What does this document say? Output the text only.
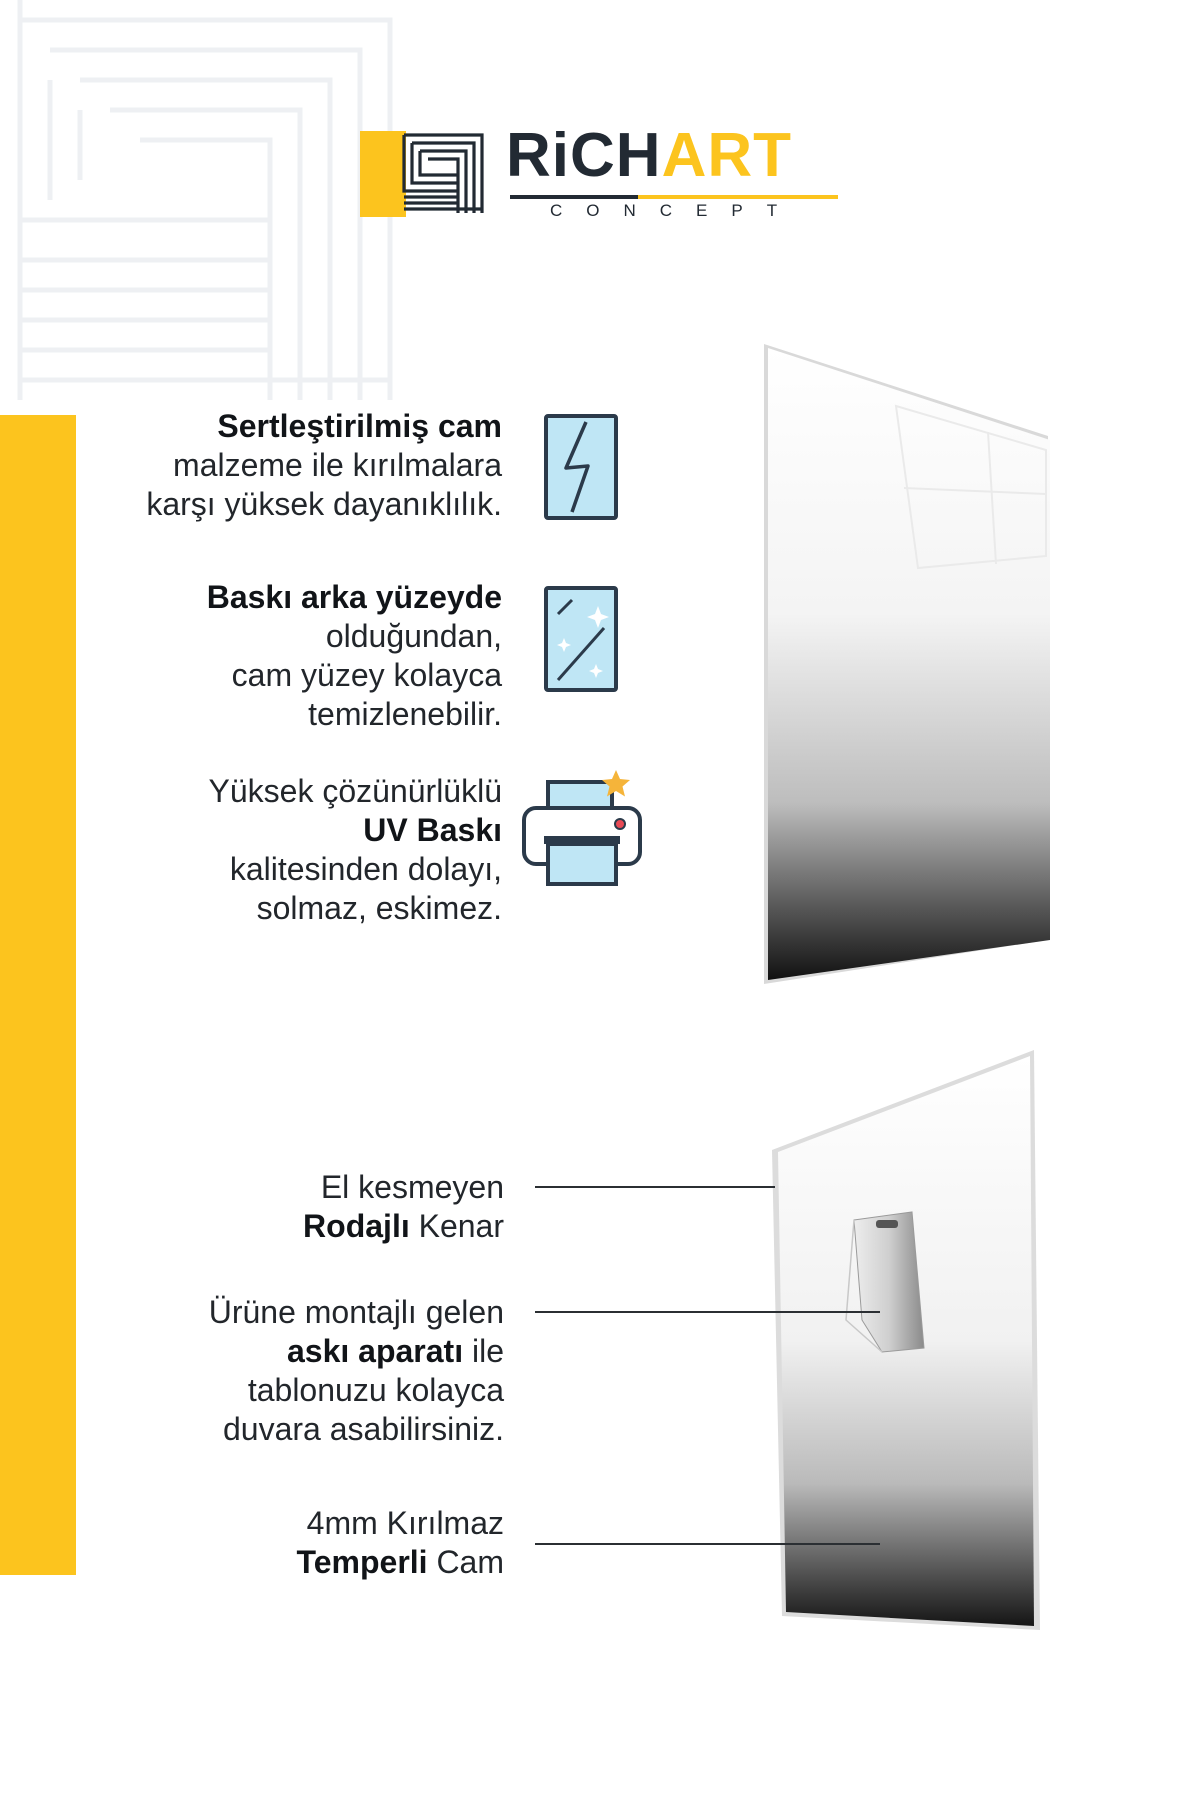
RiCHART
CONCEPT
Sertleştirilmiş cam
malzeme ile kırılmalara
karşı yüksek dayanıklılık.
Baskı arka yüzeyde
olduğundan,
cam yüzey kolayca
temizlenebilir.
Yüksek çözünürlüklü
UV Baskı
kalitesinden dolayı,
solmaz, eskimez.
El kesmeyen
Rodajlı Kenar
Ürüne montajlı gelen
askı aparatı ile
tablonuzu kolayca
duvara asabilirsiniz.
4mm Kırılmaz
Temperli Cam
